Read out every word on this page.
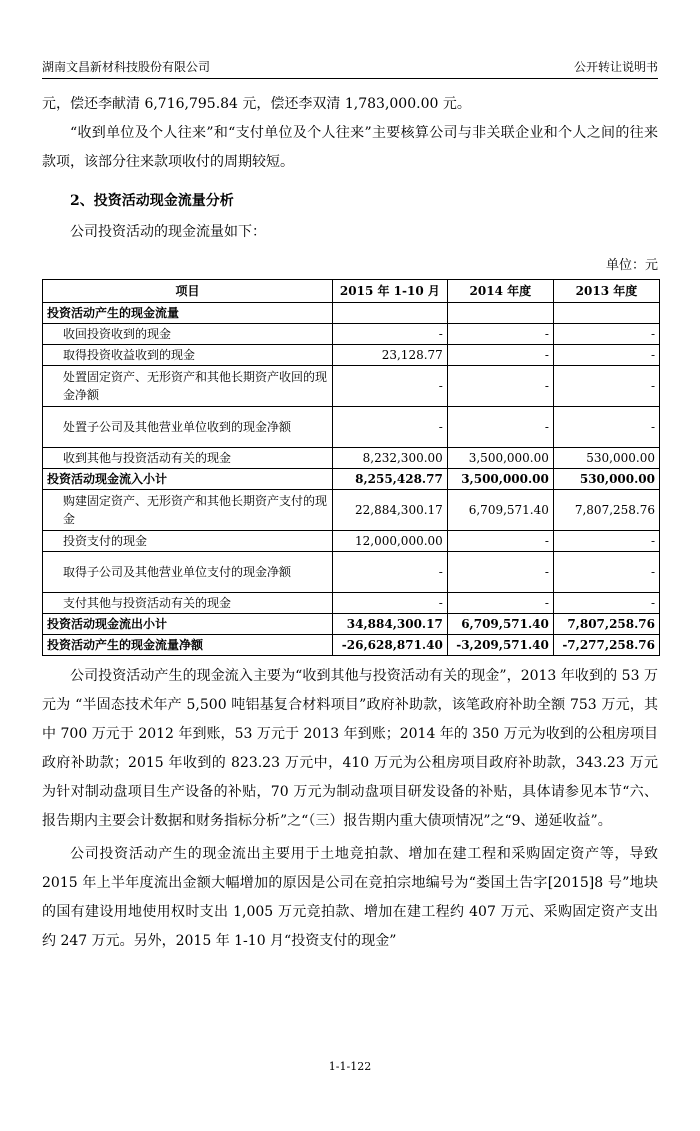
湖南文昌新材科技股份有限公司	公开转让说明书

元，偿还李献清 6,716,795.84 元，偿还李双清 1,783,000.00 元。

“收到单位及个人往来”和“支付单位及个人往来”主要核算公司与非关联企业和个人之间的往来款项，该部分往来款项收付的周期较短。

2、投资活动现金流量分析

公司投资活动的现金流量如下：

单位：元
项目	2015 年 1-10 月	2014 年度	2013 年度
投资活动产生的现金流量			
收回投资收到的现金	-	-	-
取得投资收益收到的现金	23,128.77	-	-
处置固定资产、无形资产和其他长期资产收回的现金净额	-	-	-
处置子公司及其他营业单位收到的现金净额	-	-	-
收到其他与投资活动有关的现金	8,232,300.00	3,500,000.00	530,000.00
投资活动现金流入小计	8,255,428.77	3,500,000.00	530,000.00
购建固定资产、无形资产和其他长期资产支付的现金	22,884,300.17	6,709,571.40	7,807,258.76
投资支付的现金	12,000,000.00	-	-
取得子公司及其他营业单位支付的现金净额	-	-	-
支付其他与投资活动有关的现金	-	-	-
投资活动现金流出小计	34,884,300.17	6,709,571.40	7,807,258.76
投资活动产生的现金流量净额	-26,628,871.40	-3,209,571.40	-7,277,258.76

公司投资活动产生的现金流入主要为“收到其他与投资活动有关的现金”，2013 年收到的 53 万元为 “半固态技术年产 5,500 吨铝基复合材料项目”政府补助款，该笔政府补助全额 753 万元，其中 700 万元于 2012 年到账，53 万元于 2013 年到账；2014 年的 350 万元为收到的公租房项目政府补助款；2015 年收到的 823.23 万元中，410 万元为公租房项目政府补助款，343.23 万元为针对制动盘项目生产设备的补贴，70 万元为制动盘项目研发设备的补贴，具体请参见本节“六、报告期内主要会计数据和财务指标分析”之“（三）报告期内重大债项情况”之“9、递延收益”。

公司投资活动产生的现金流出主要用于土地竞拍款、增加在建工程和采购固定资产等，导致 2015 年上半年度流出金额大幅增加的原因是公司在竞拍宗地编号为“娄国土告字[2015]8 号”地块的国有建设用地使用权时支出 1,005 万元竞拍款、增加在建工程约 407 万元、采购固定资产支出约 247 万元。另外，2015 年 1-10 月“投资支付的现金”

1-1-122
